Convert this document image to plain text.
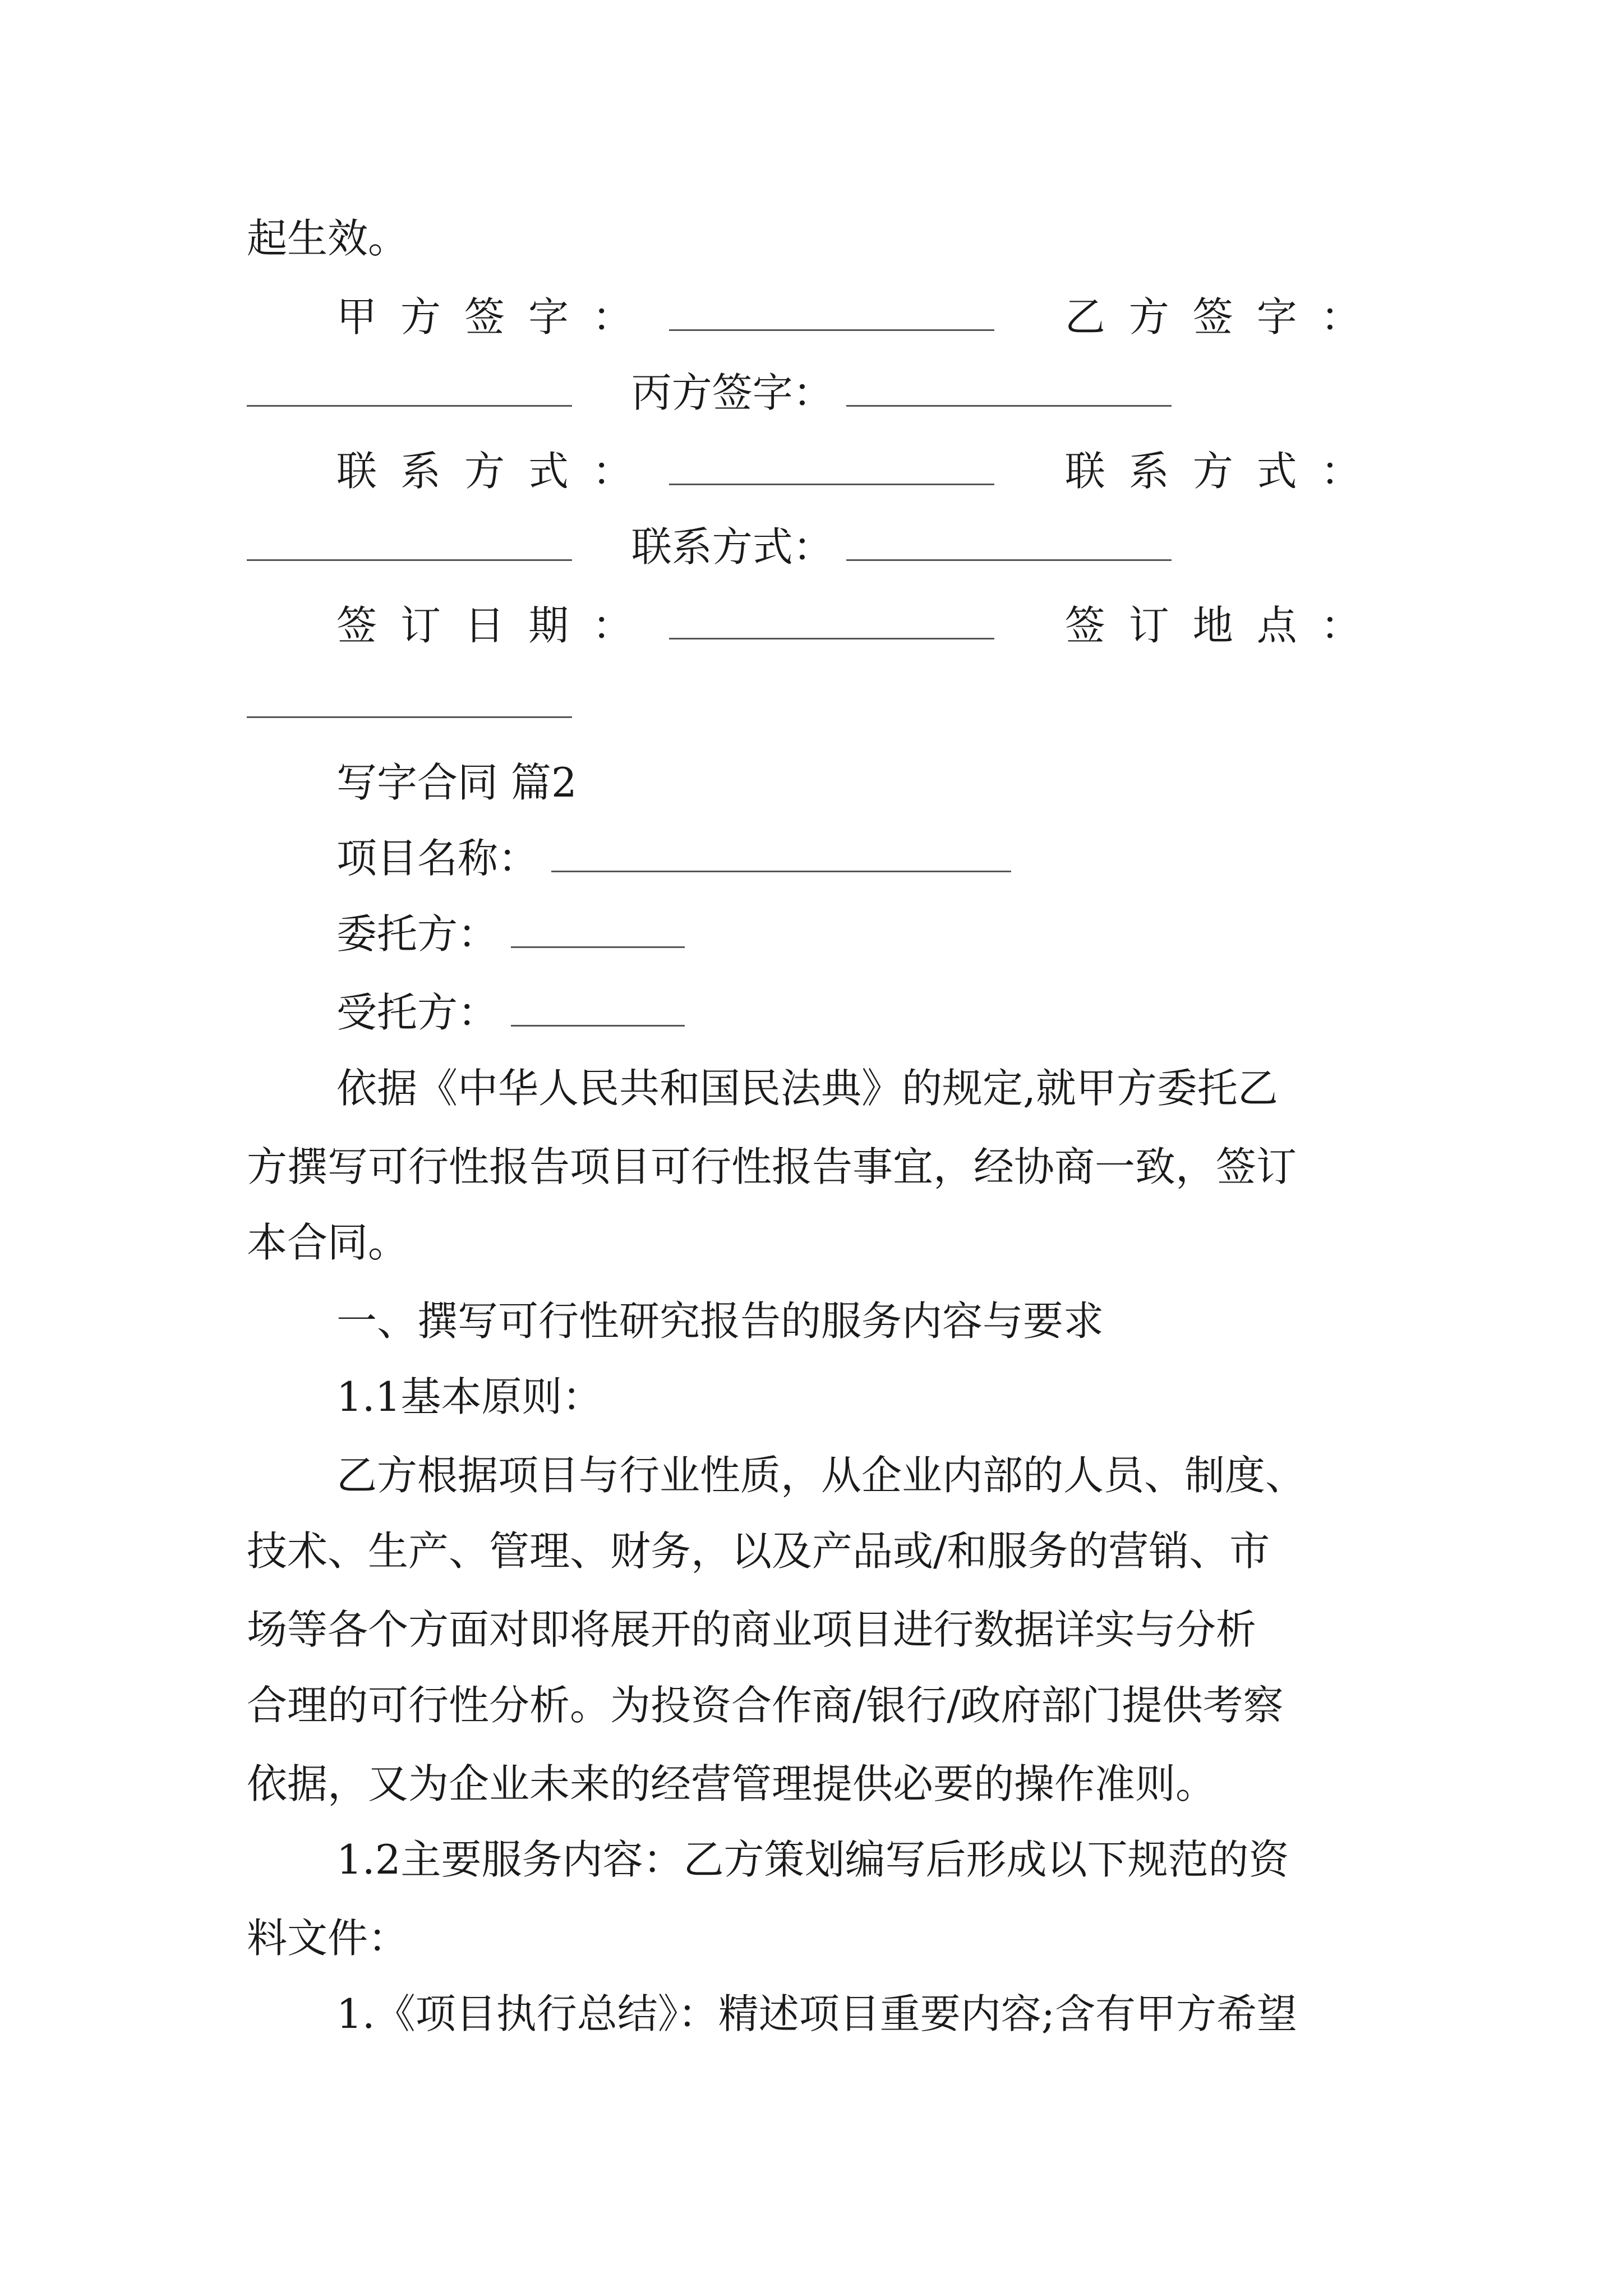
起生效。
甲方签字：	乙方签字：
丙方签字：
联系方式：	联系方式：
联系方式：
签订日期：	签订地点：
写字合同 篇2
项目名称：
委托方：
受托方：
依据《中华人民共和国民法典》的规定,就甲方委托乙
方撰写可行性报告项目可行性报告事宜，经协商一致，签订
本合同。
一、撰写可行性研究报告的服务内容与要求
1.1基本原则：
乙方根据项目与行业性质，从企业内部的人员、制度、
技术、生产、管理、财务，以及产品或/和服务的营销、市
场等各个方面对即将展开的商业项目进行数据详实与分析
合理的可行性分析。为投资合作商/银行/政府部门提供考察
依据，又为企业未来的经营管理提供必要的操作准则。
1.2主要服务内容：乙方策划编写后形成以下规范的资
料文件：
1.《项目执行总结》：精述项目重要内容;含有甲方希望
